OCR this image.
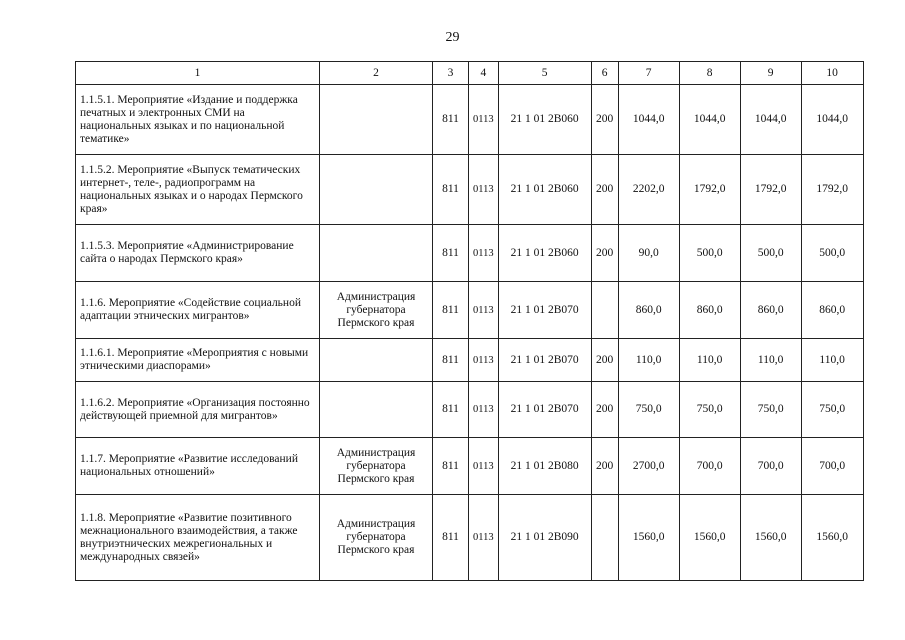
29
1	2	3	4	5	6	7	8	9	10
1.1.5.1. Мероприятие «Издание и поддержка печатных и электронных СМИ на национальных языках и по национальной тематике»		811	0113	21 1 01 2B060	200	1044,0	1044,0	1044,0	1044,0
1.1.5.2. Мероприятие «Выпуск тематических интернет-, теле-, радиопрограмм на национальных языках и о народах Пермского края»		811	0113	21 1 01 2B060	200	2202,0	1792,0	1792,0	1792,0
1.1.5.3. Мероприятие «Администрирование сайта о народах Пермского края»		811	0113	21 1 01 2B060	200	90,0	500,0	500,0	500,0
1.1.6. Мероприятие «Содействие социальной адаптации этнических мигрантов»	Администрация губернатора Пермского края	811	0113	21 1 01 2B070		860,0	860,0	860,0	860,0
1.1.6.1. Мероприятие «Мероприятия с новыми этническими диаспорами»		811	0113	21 1 01 2B070	200	110,0	110,0	110,0	110,0
1.1.6.2. Мероприятие «Организация постоянно действующей приемной для мигрантов»		811	0113	21 1 01 2B070	200	750,0	750,0	750,0	750,0
1.1.7. Мероприятие «Развитие исследований национальных отношений»	Администрация губернатора Пермского края	811	0113	21 1 01 2B080	200	2700,0	700,0	700,0	700,0
1.1.8. Мероприятие «Развитие позитивного межнационального взаимодействия, а также внутриэтнических межрегиональных и международных связей»	Администрация губернатора Пермского края	811	0113	21 1 01 2B090		1560,0	1560,0	1560,0	1560,0
